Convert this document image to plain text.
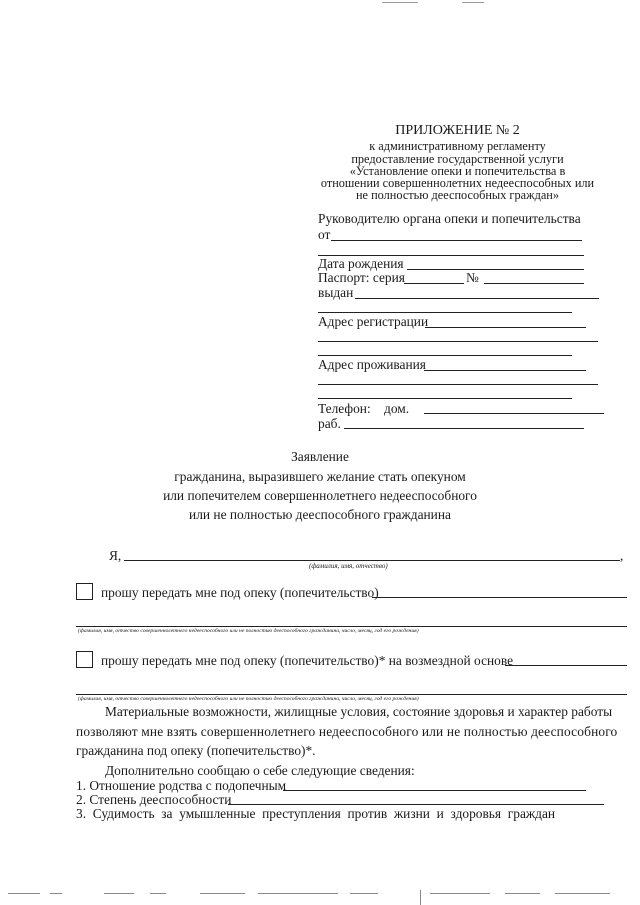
ПРИЛОЖЕНИЕ № 2
к административному регламенту
предоставление государственной услуги
«Установление опеки и попечительства в
отношении совершеннолетних недееспособных или
не полностью дееспособных граждан»
Руководителю органа опеки и попечительства
от
Дата рождения
Паспорт: серия	№
выдан
Адрес регистрации
Адрес проживания
Телефон: дом.
раб.
Заявление
гражданина, выразившего желание стать опекуном
или попечителем совершеннолетнего недееспособного
или не полностью дееспособного гражданина
Я,	,
(фамилия, имя, отчество)
прошу передать мне под опеку (попечительство)
(фамилия, имя, отчество совершеннолетнего недееспособного или не полностью дееспособного гражданина, число, месяц, год его рождения)
прошу передать мне под опеку (попечительство)* на возмездной основе
(фамилия, имя, отчество совершеннолетнего недееспособного или не полностью дееспособного гражданина, число, месяц, год его рождения)
Материальные возможности, жилищные условия, состояние здоровья и характер работы
позволяют мне взять совершеннолетнего недееспособного или не полностью дееспособного
гражданина под опеку (попечительство)*.
Дополнительно сообщаю о себе следующие сведения:
1. Отношение родства с подопечным
2. Степень дееспособности
3.  Судимость  за  умышленные  преступления  против  жизни  и  здоровья  граждан
